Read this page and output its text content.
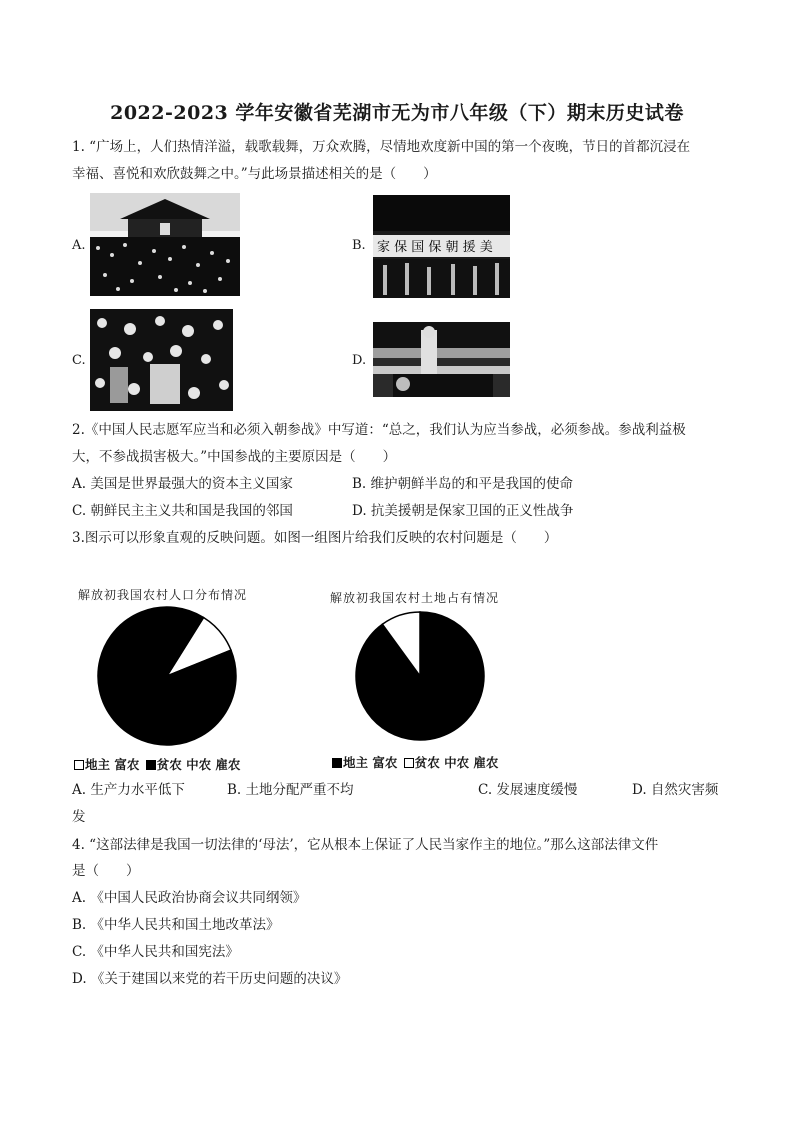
2022-2023 学年安徽省芜湖市无为市八年级（下）期末历史试卷
1. “广场上，人们热情洋溢，载歌载舞，万众欢腾，尽情地欢度新中国的第一个夜晚，节日的首都沉浸在
幸福、喜悦和欢欣鼓舞之中。”与此场景描述相关的是（　　）
A.	B. 家 保 国 保 朝 援 美
C.	D.
2.《中国人民志愿军应当和必须入朝参战》中写道：“总之，我们认为应当参战，必须参战。参战利益极
大，不参战损害极大。”中国参战的主要原因是（　　）
A. 美国是世界最强大的资本主义国家	B. 维护朝鲜半岛的和平是我国的使命
C. 朝鲜民主主义共和国是我国的邻国	D. 抗美援朝是保家卫国的正义性战争
3.图示可以形象直观的反映问题。如图一组图片给我们反映的农村问题是（　　）
解放初我国农村人口分布情况	解放初我国农村土地占有情况
地主 富农 贫农 中农 雇农	地主 富农 贫农 中农 雇农
A. 生产力水平低下	B. 土地分配严重不均	C. 发展速度缓慢	D. 自然灾害频
发
4. “这部法律是我国一切法律的‘母法’，它从根本上保证了人民当家作主的地位。”那么这部法律文件
是（　　）
A. 《中国人民政治协商会议共同纲领》
B. 《中华人民共和国土地改革法》
C. 《中华人民共和国宪法》
D. 《关于建国以来党的若干历史问题的决议》
